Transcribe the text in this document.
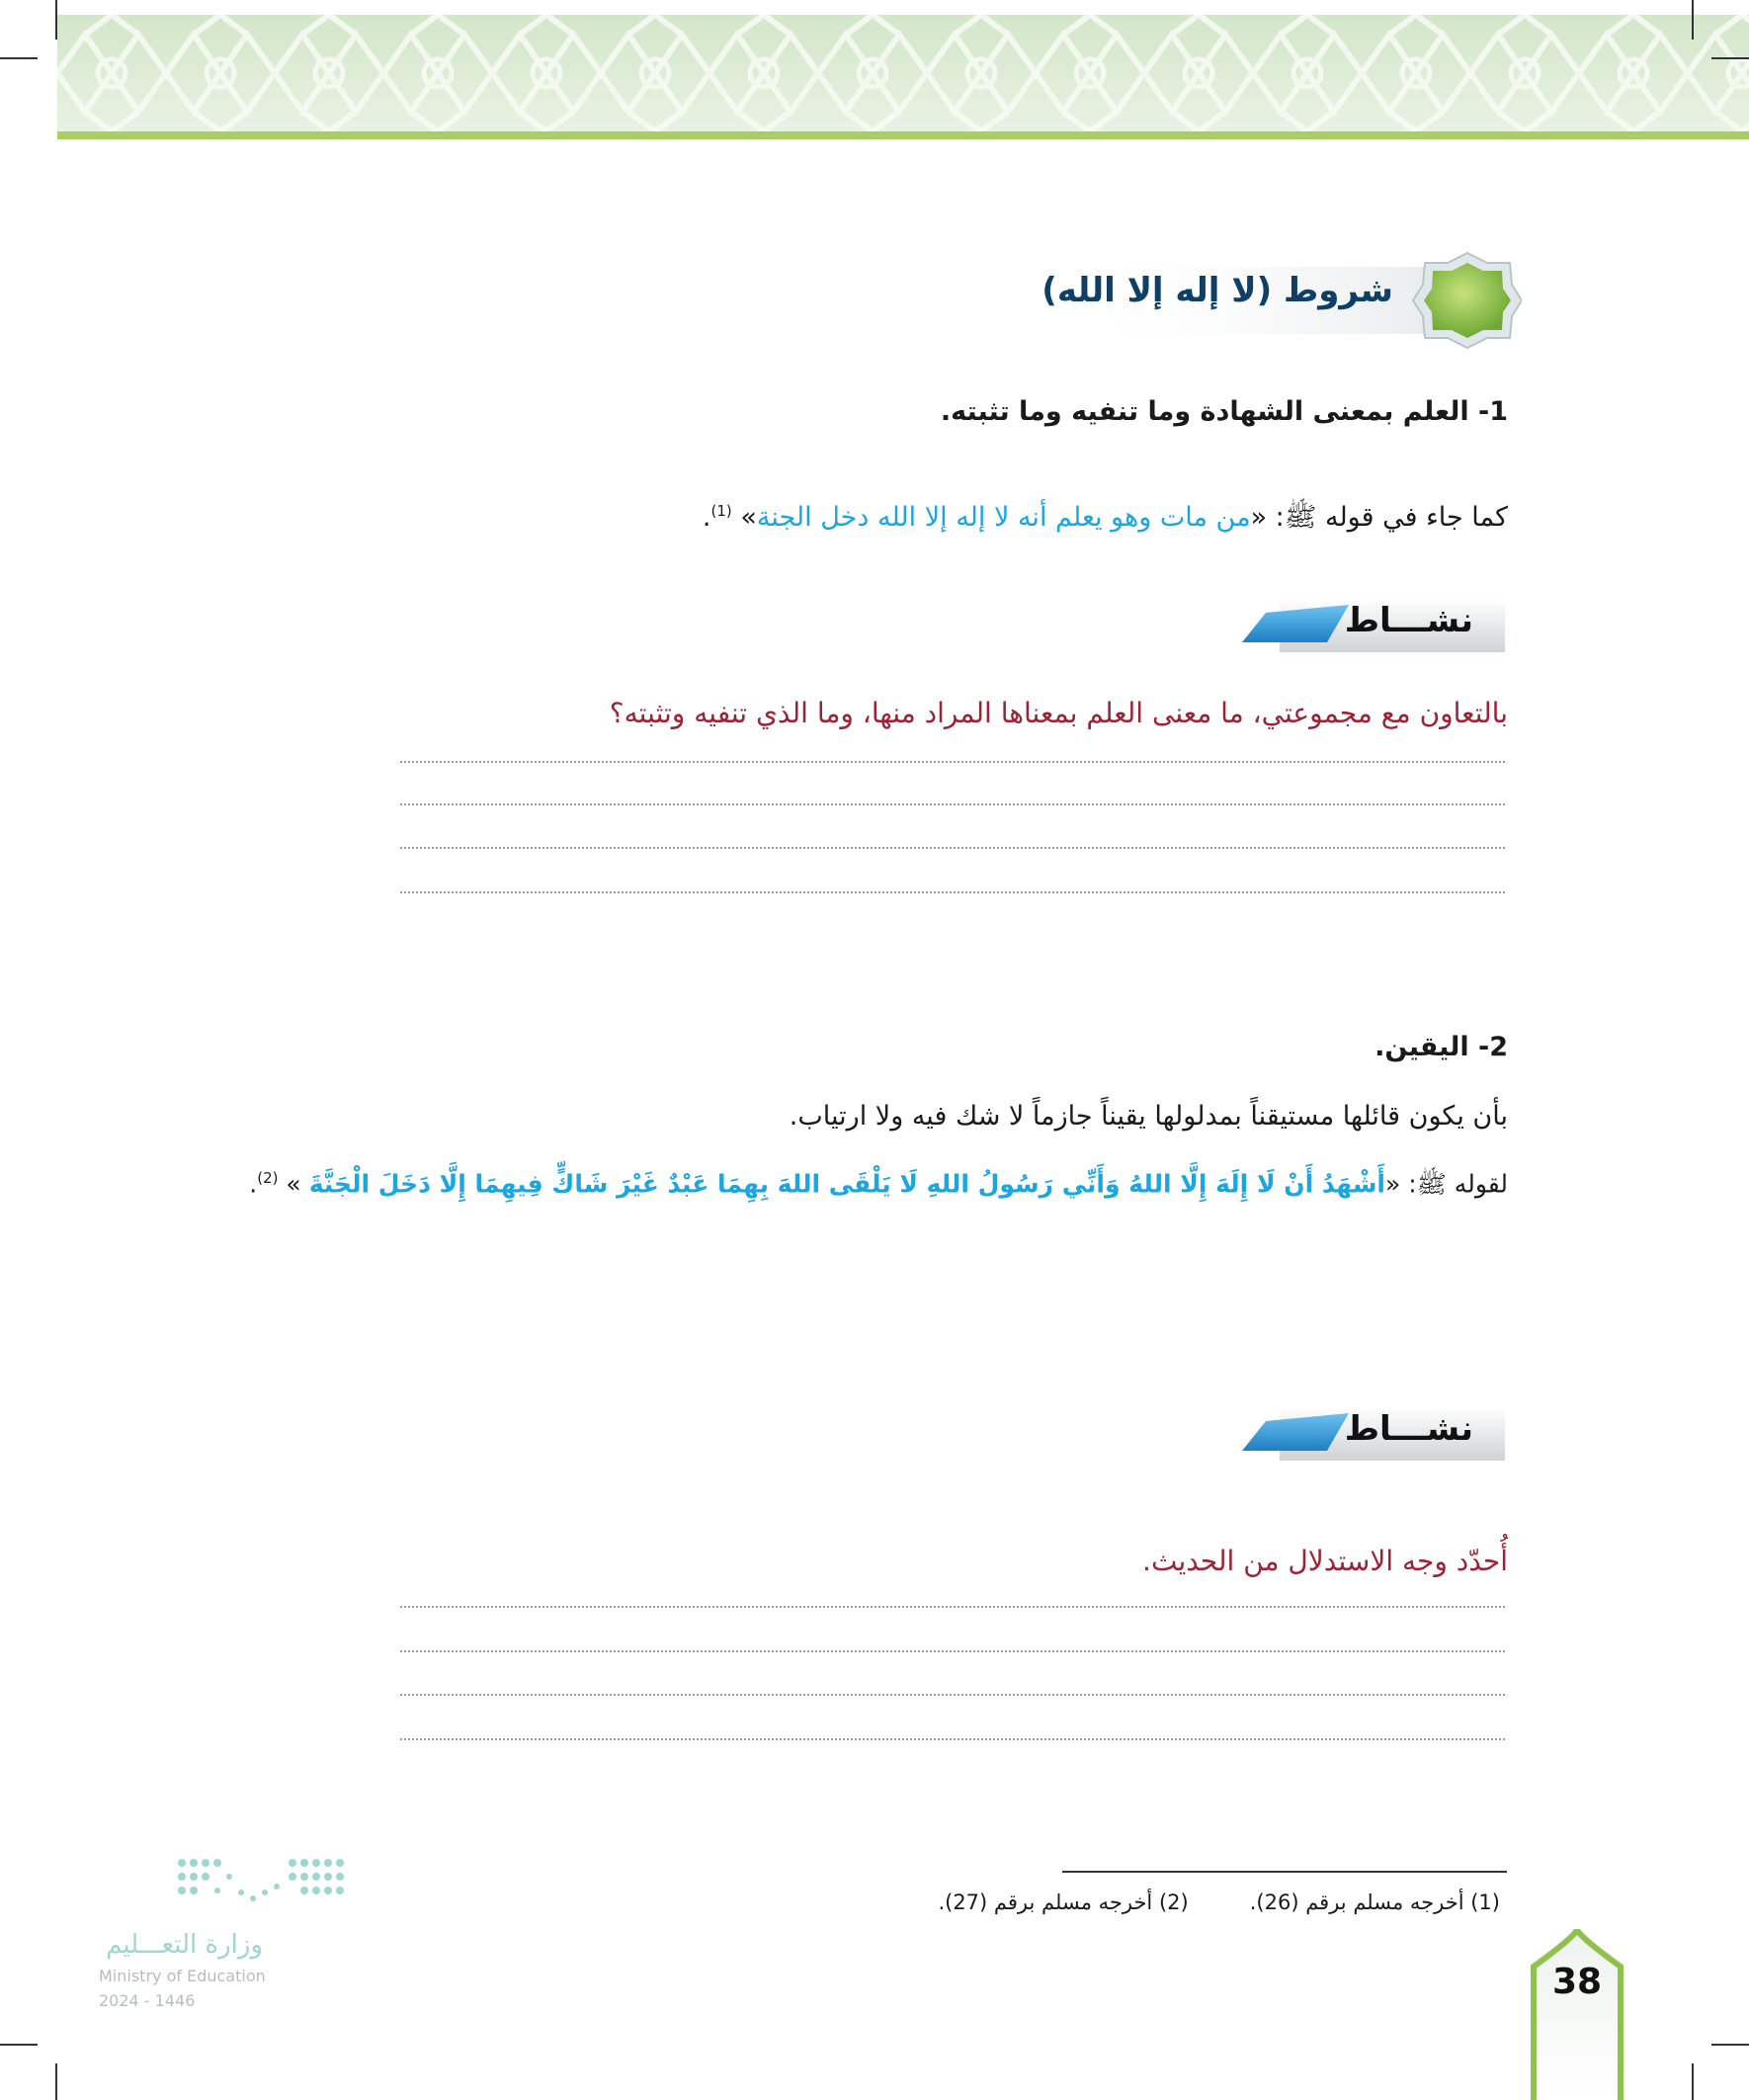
شروط (لا إله إلا الله)
1- العلم بمعنى الشهادة وما تنفيه وما تثبته.
كما جاء في قوله ﷺ: «من مات وهو يعلم أنه لا إله إلا الله دخل الجنة» $^{(1)}$.
نشـــاط
بالتعاون مع مجموعتي، ما معنى العلم بمعناها المراد منها، وما الذي تنفيه وتثبته؟
2- اليقين.
بأن يكون قائلها مستيقناً بمدلولها يقيناً جازماً لا شك فيه ولا ارتياب.
لقوله ﷺ: «أَشْهَدُ أَنْ لَا إِلَهَ إِلَّا اللهُ وَأَنِّي رَسُولُ اللهِ لَا يَلْقَى اللهَ بِهِمَا عَبْدٌ غَيْرَ شَاكٍّ فِيهِمَا إِلَّا دَخَلَ الْجَنَّةَ » $^{(2)}$.
نشـــاط
أُحدّد وجه الاستدلال من الحديث.
(1) أخرجه مسلم برقم (26).(2) أخرجه مسلم برقم (27).
38
وزارة التعـــليم
Ministry of Education
2024 - 1446
